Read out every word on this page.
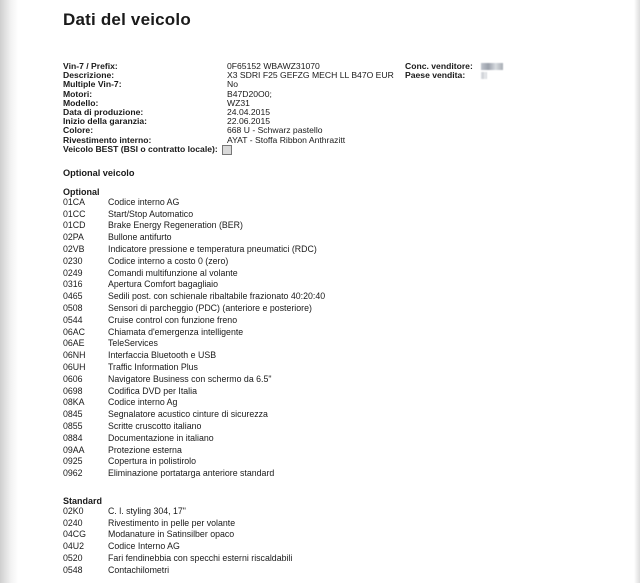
Dati del veicolo
Vin-7 / Prefix:	0F65152 WBAWZ31070	Conc. venditore:
Descrizione:	X3 SDRI F25 GEFZG MECH LL B47O EUR	Paese vendita:
Multiple Vin-7:	No
Motori:	B47D20O0;
Modello:	WZ31
Data di produzione:	24.04.2015
Inizio della garanzia:	22.06.2015
Colore:	668 U - Schwarz pastello
Rivestimento interno:	AYAT - Stoffa Ribbon Anthrazitt
Veicolo BEST (BSI o contratto locale):
Optional veicolo
Optional
01CA	Codice interno AG
01CC	Start/Stop Automatico
01CD	Brake Energy Regeneration (BER)
02PA	Bullone antifurto
02VB	Indicatore pressione e temperatura pneumatici (RDC)
0230	Codice interno a costo 0 (zero)
0249	Comandi multifunzione al volante
0316	Apertura Comfort bagagliaio
0465	Sedili post. con schienale ribaltabile frazionato 40:20:40
0508	Sensori di parcheggio (PDC) (anteriore e posteriore)
0544	Cruise control con funzione freno
06AC	Chiamata d'emergenza intelligente
06AE	TeleServices
06NH	Interfaccia Bluetooth e USB
06UH	Traffic Information Plus
0606	Navigatore Business con schermo da 6.5"
0698	Codifica DVD per Italia
08KA	Codice interno Ag
0845	Segnalatore acustico cinture di sicurezza
0855	Scritte cruscotto italiano
0884	Documentazione in italiano
09AA	Protezione esterna
0925	Copertura in polistirolo
0962	Eliminazione portatarga anteriore standard
Standard
02K0	C. l. styling 304, 17"
0240	Rivestimento in pelle per volante
04CG	Modanature in Satinsilber opaco
04U2	Codice Interno AG
0520	Fari fendinebbia con specchi esterni riscaldabili
0548	Contachilometri
